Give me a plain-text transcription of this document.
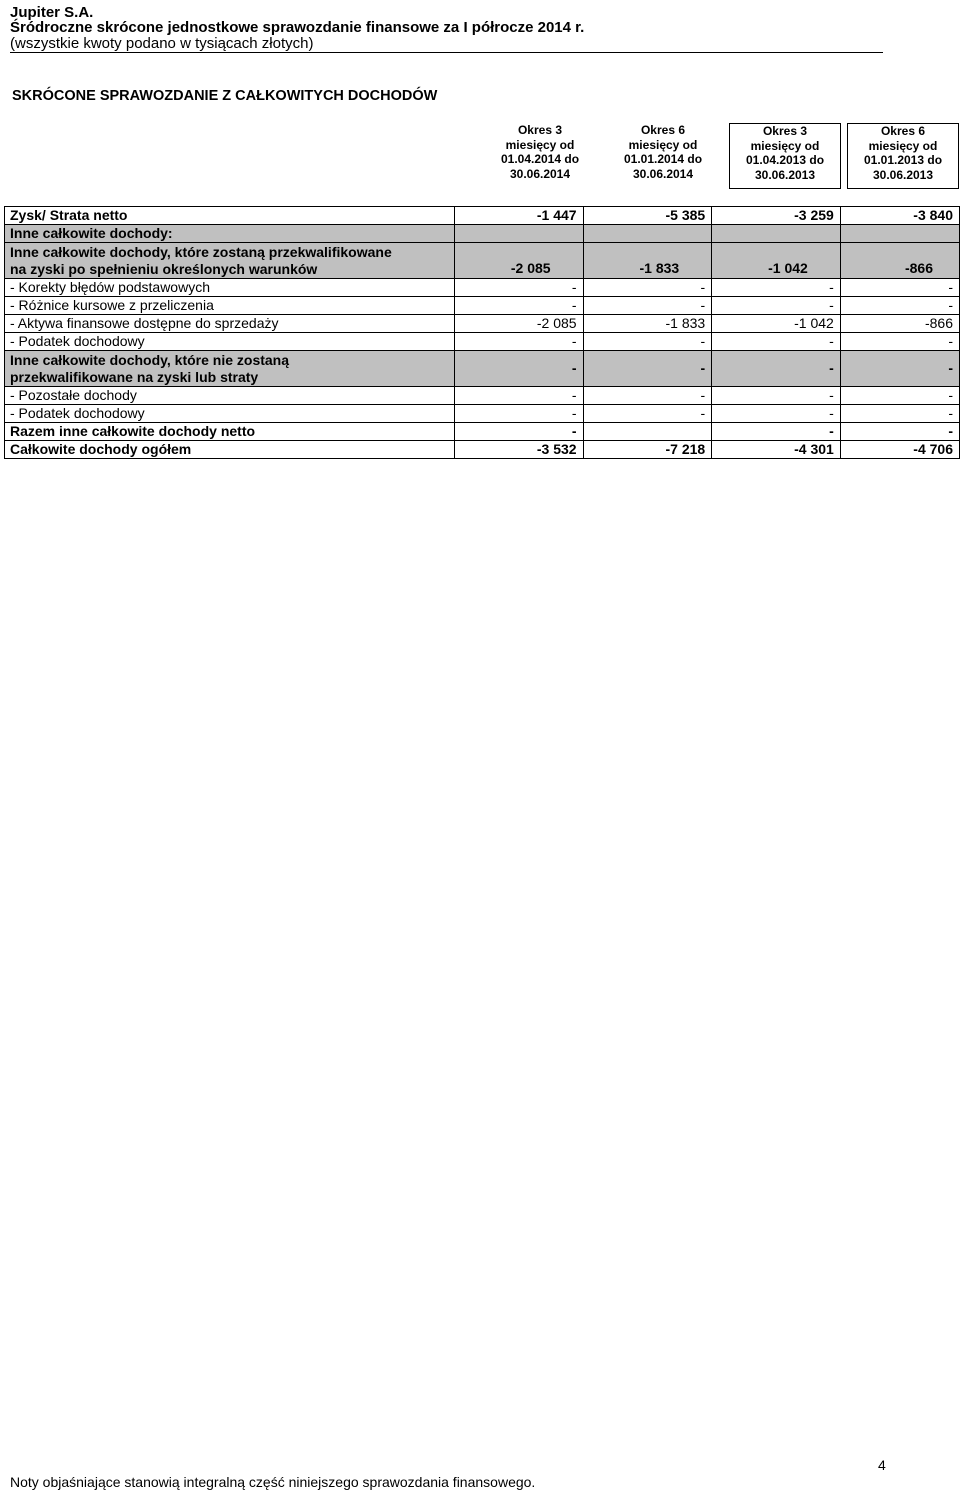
Jupiter S.A.
Śródroczne skrócone jednostkowe sprawozdanie finansowe za I półrocze 2014 r.
(wszystkie kwoty podano w tysiącach złotych)
SKRÓCONE SPRAWOZDANIE Z CAŁKOWITYCH DOCHODÓW
Okres 3
miesięcy od
01.04.2014 do
30.06.2014
Okres 6
miesięcy od
01.01.2014 do
30.06.2014
Okres 3
miesięcy od
01.04.2013 do
30.06.2013
Okres 6
miesięcy od
01.01.2013 do
30.06.2013
Zysk/ Strata netto	-1 447	-5 385	-3 259	-3 840
Inne całkowite dochody:				

Inne całkowite dochody, które zostaną przekwalifikowane
na zyski po spełnieniu określonych warunków	-2 085	-1 833	-1 042	-866
- Korekty błędów podstawowych	-	-	-	-
- Różnice kursowe z przeliczenia	-	-	-	-
- Aktywa finansowe dostępne do sprzedaży	-2 085	-1 833	-1 042	-866
- Podatek dochodowy	-	-	-	-

Inne całkowite dochody, które nie zostaną
przekwalifikowane na zyski lub straty	-	-	-	-
- Pozostałe dochody	-	-	-	-
- Podatek dochodowy	-	-	-	-
Razem inne całkowite dochody netto	-		-	-
Całkowite dochody ogółem	-3 532	-7 218	-4 301	-4 706
4
Noty objaśniające stanowią integralną część niniejszego sprawozdania finansowego.
